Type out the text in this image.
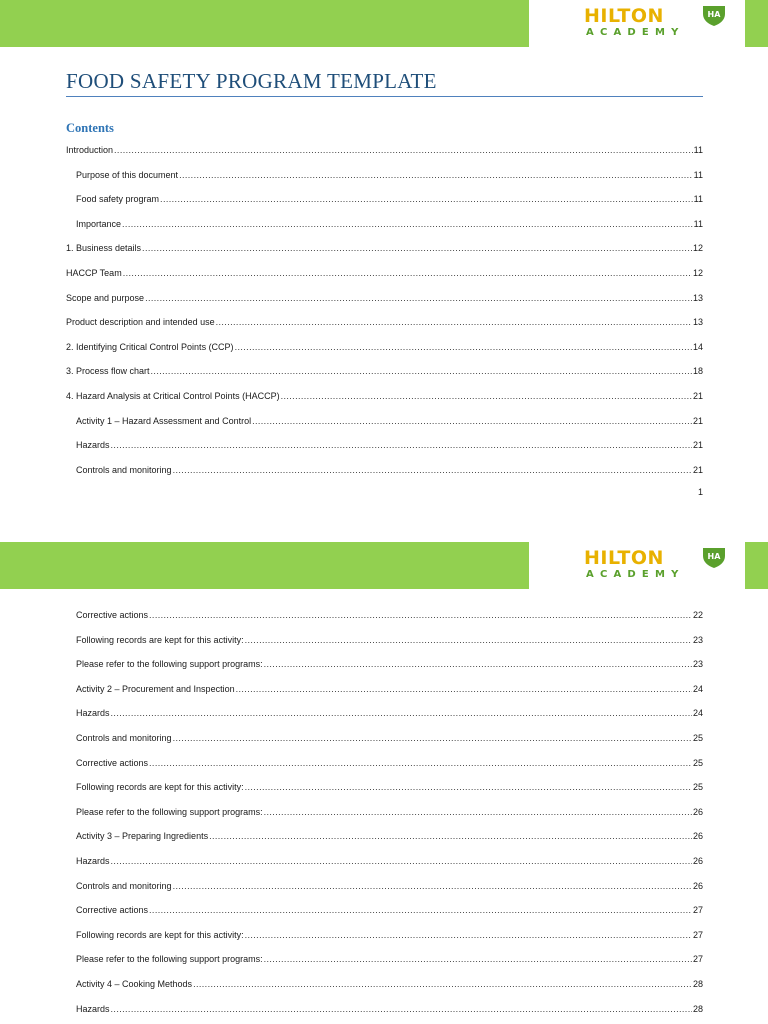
HILTON	HA
ACADEMY
FOOD SAFETY PROGRAM TEMPLATE
Contents
Introduction .....	11
Purpose of this document .....	11
Food safety program .....	11
Importance .....	11
1. Business details .....	12
HACCP Team .....	12
Scope and purpose .....	13
Product description and intended use .....	13
2. Identifying Critical Control Points (CCP) .....	14
3. Process flow chart .....	18
4. Hazard Analysis at Critical Control Points (HACCP) .....	21
Activity 1 – Hazard Assessment and Control .....	21
Hazards .....	21
Controls and monitoring .....	21
1
HILTON	HA
ACADEMY
Corrective actions .....	22
Following records are kept for this activity: .....	23
Please refer to the following support programs: .....	23
Activity 2 – Procurement and Inspection .....	24
Hazards .....	24
Controls and monitoring .....	25
Corrective actions .....	25
Following records are kept for this activity: .....	25
Please refer to the following support programs: .....	26
Activity 3 – Preparing Ingredients .....	26
Hazards .....	26
Controls and monitoring .....	26
Corrective actions .....	27
Following records are kept for this activity: .....	27
Please refer to the following support programs: .....	27
Activity 4 – Cooking Methods .....	28
Hazards .....	28
